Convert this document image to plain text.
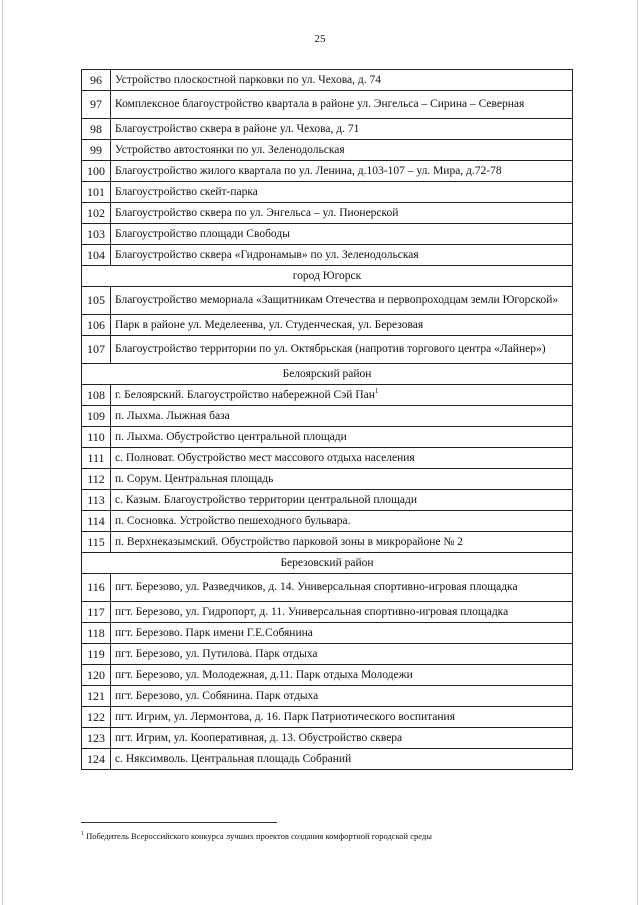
25
96	Устройство плоскостной парковки по ул. Чехова, д. 74
97	Комплексное благоустройство квартала в районе ул. Энгельса – Сирина – Северная
98	Благоустройство сквера в районе ул. Чехова, д. 71
99	Устройство автостоянки по ул. Зеленодольская
100	Благоустройство жилого квартала по ул. Ленина, д.103-107 – ул. Мира, д.72-78
101	Благоустройство скейт-парка
102	Благоустройство сквера по ул. Энгельса – ул. Пионерской
103	Благоустройство площади Свободы
104	Благоустройство сквера «Гидронамыв» по ул. Зеленодольская
город Югорск	
105	Благоустройство мемориала «Защитникам Отечества и первопроходцам земли Югорской»
106	Парк в районе ул. Меделеенва, ул. Студенческая, ул. Березовая
107	Благоустройство территории по ул. Октябрьская (напротив торгового центра «Лайнер»)
Белоярский район	
108	г. Белоярский. Благоустройство набережной Сэй Пан$^1$
109	п. Лыхма. Лыжная база
110	п. Лыхма. Обустройство центральной площади
111	с. Полноват. Обустройство мест массового отдыха населения
112	п. Сорум. Центральная площадь
113	с. Казым. Благоустройство территории центральной площади
114	п. Сосновка. Устройство пешеходного бульвара.
115	п. Верхнеказымский. Обустройство парковой зоны в микрорайоне № 2
Березовский район	
116	пгт. Березово, ул. Разведчиков, д. 14. Универсальная спортивно-игровая площадка
117	пгт. Березово, ул. Гидропорт, д. 11. Универсальная спортивно-игровая площадка
118	пгт. Березово. Парк имени Г.Е.Собянина
119	пгт. Березово, ул. Путилова. Парк отдыха
120	пгт. Березово, ул. Молодежная, д.11. Парк отдыха Молодежи
121	пгт. Березово, ул. Собянина. Парк отдыха
122	пгт. Игрим, ул. Лермонтова, д. 16. Парк Патриотического воспитания
123	пгт. Игрим, ул. Кооперативная, д. 13. Обустройство сквера
124	с. Няксимволь. Центральная площадь Собраний
$^1$ Победитель Всероссийского конкурса лучших проектов создания комфортной городской среды
